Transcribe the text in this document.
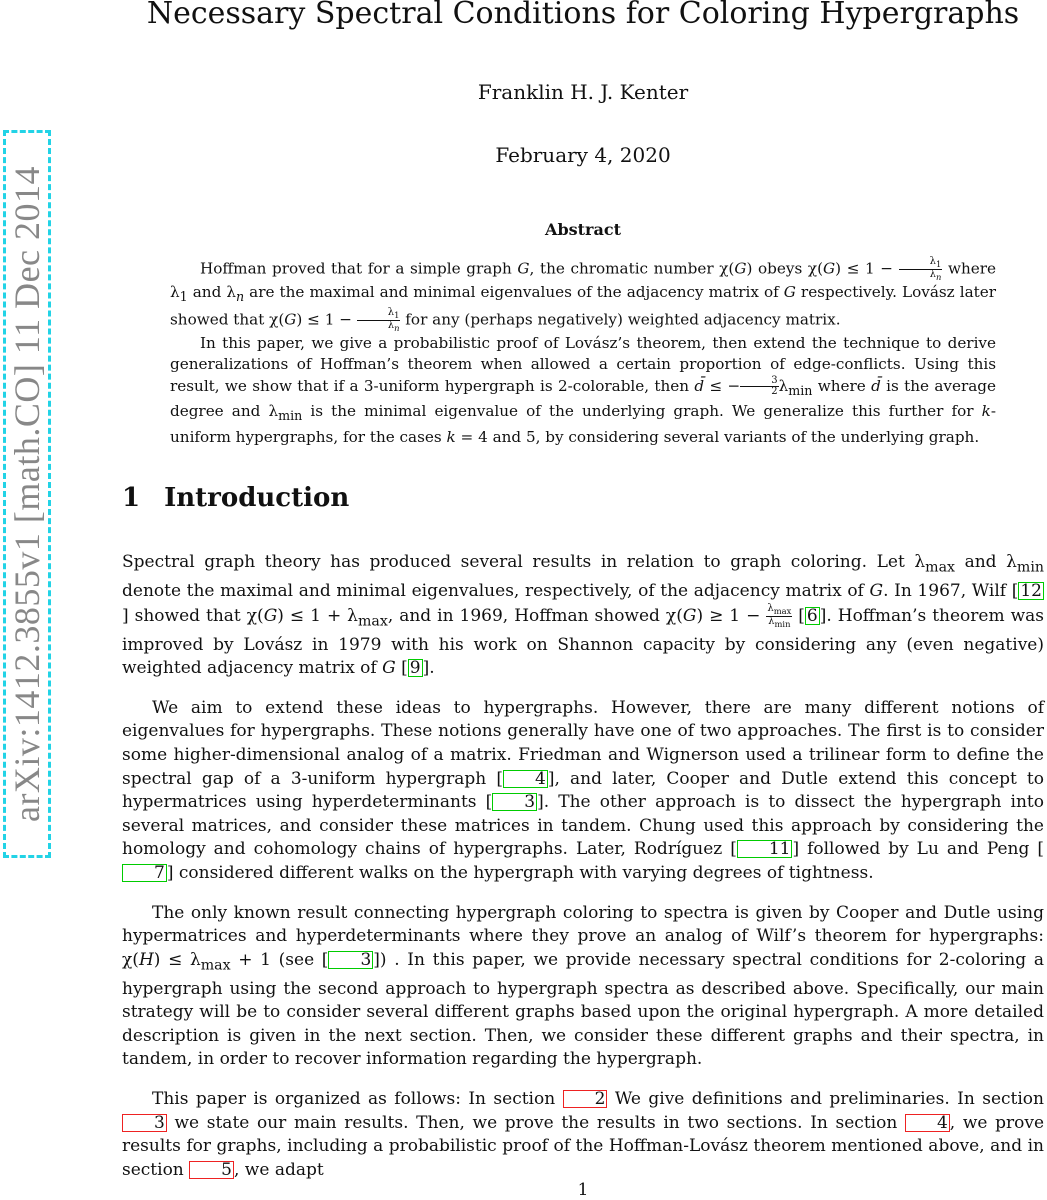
arXiv:1412.3855v1 [math.CO] 11 Dec 2014
Necessary Spectral Conditions for Coloring Hypergraphs
Franklin H. J. Kenter
February 4, 2020
Abstract

Hoffman proved that for a simple graph G, the chromatic number χ(G) obeys $\chi(G) \le 1 - \frac{\lambda_1}{\lambda_n}$ where $\lambda_1$ and $\lambda_n$ are the maximal and minimal eigenvalues of the adjacency matrix of G respectively. Lovász later showed that $\chi(G) \le 1 - \frac{\lambda_1}{\lambda_n}$ for any (perhaps negatively) weighted adjacency matrix.

In this paper, we give a probabilistic proof of Lovász’s theorem, then extend the technique to derive generalizations of Hoffman’s theorem when allowed a certain proportion of edge-conflicts. Using this result, we show that if a 3-uniform hypergraph is 2-colorable, then d̄ ≤ − $\frac{3}{2} \lambda_{min}$ where d̄ is the average degree and $\lambda_{min}$ is the minimal eigenvalue of the underlying graph. We generalize this further for k-uniform hypergraphs, for the cases k = 4 and 5, by considering several variants of the underlying graph.

1 Introduction

Spectral graph theory has produced several results in relation to graph coloring. Let $\lambda_{max}$ and $\lambda_{min}$ denote the maximal and minimal eigenvalues, respectively, of the adjacency matrix of G. In 1967, Wilf [ 12] showed that $\chi(G) \le 1 + \lambda_{max}$, and in 1969, Hoffman showed $\chi(G) \ge 1 - \frac{\lambda_{max}}{\lambda_{min}}$ [ 6 ]. Hoffman’s theorem was improved by Lovász in 1979 with his work on Shannon capacity by considering any (even negative) weighted adjacency matrix of G [ 9 ].

We aim to extend these ideas to hypergraphs. However, there are many different notions of eigenvalues for hypergraphs. These notions generally have one of two approaches. The first is to consider some higher-dimensional analog of a matrix. Friedman and Wignerson used a trilinear form to define the spectral gap of a 3-uniform hypergraph [ 4 ], and later, Cooper and Dutle extend this concept to hypermatrices using hyperdeterminants [ 3 ]. The other approach is to dissect the hypergraph into several matrices, and consider these matrices in tandem. Chung used this approach by considering the homology and cohomology chains of hypergraphs. Later, Rodríguez [ 11 ] followed by Lu and Peng [7 ] considered different walks on the hypergraph with varying degrees of tightness.

The only known result connecting hypergraph coloring to spectra is given by Cooper and Dutle using hypermatrices and hyperdeterminants where they prove an analog of Wilf’s theorem for hypergraphs: $\chi(H) \le \lambda_{max} + 1$ (see [ 3 ]) . In this paper, we provide necessary spectral conditions for 2-coloring a hypergraph using the second approach to hypergraph spectra as described above. Specifically, our main strategy will be to consider several different graphs based upon the original hypergraph. A more detailed description is given in the next section. Then, we consider these different graphs and their spectra, in tandem, in order to recover information regarding the hypergraph.

This paper is organized as follows: In section 2 We give definitions and preliminaries. In section 3 we state our main results. Then, we prove the results in two sections. In section 4 , we prove results for graphs, including a probabilistic proof of the Hoffman-Lovász theorem mentioned above, and in section 5 , we adapt

1
